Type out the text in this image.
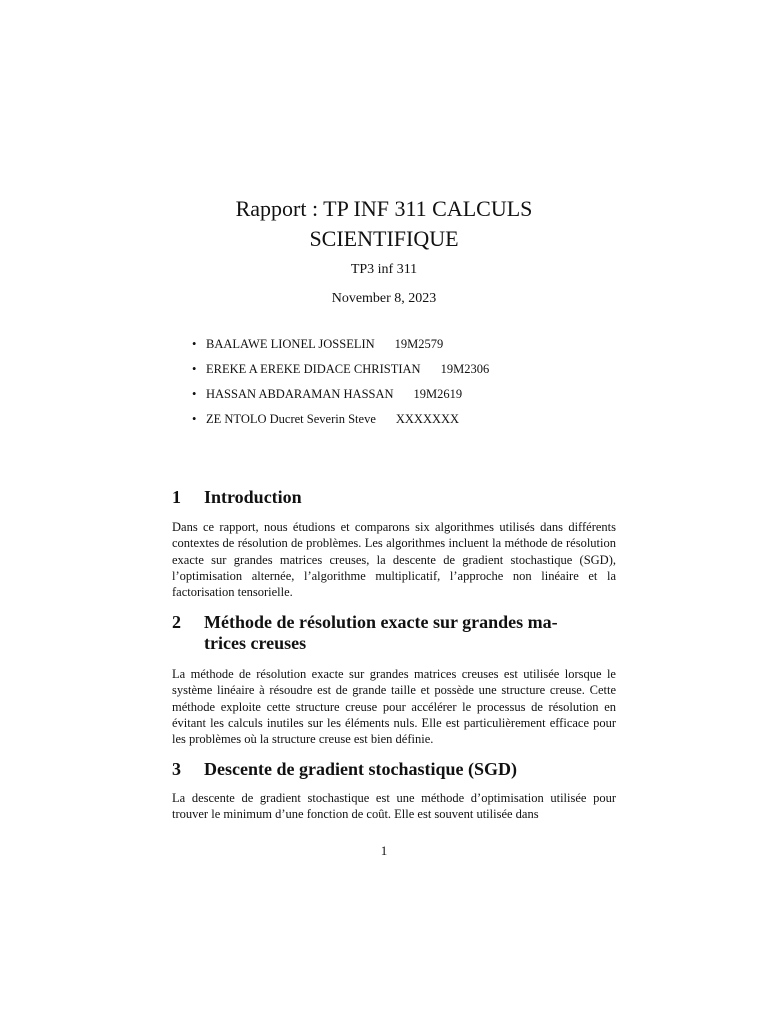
Rapport : TP INF 311 CALCULS
SCIENTIFIQUE
TP3 inf 311
November 8, 2023
• BAALAWE LIONEL JOSSELIN 19M2579
• EREKE A EREKE DIDACE CHRISTIAN 19M2306
• HASSAN ABDARAMAN HASSAN 19M2619
• ZE NTOLO Ducret Severin Steve XXXXXXX
1 Introduction

Dans ce rapport, nous étudions et comparons six algorithmes utilisés dans différents contextes de résolution de problèmes. Les algorithmes incluent la méthode de résolution exacte sur grandes matrices creuses, la descente de gradient stochastique (SGD), l’optimisation alternée, l’algorithme multiplicatif, l’approche non linéaire et la factorisation tensorielle.

2 Méthode de résolution exacte sur grandes ma-
trices creuses

La méthode de résolution exacte sur grandes matrices creuses est utilisée lorsque le système linéaire à résoudre est de grande taille et possède une structure creuse. Cette méthode exploite cette structure creuse pour accélérer le processus de résolution en évitant les calculs inutiles sur les éléments nuls. Elle est particulièrement efficace pour les problèmes où la structure creuse est bien définie.

3 Descente de gradient stochastique (SGD)

La descente de gradient stochastique est une méthode d’optimisation utilisée pour trouver le minimum d’une fonction de coût. Elle est souvent utilisée dans

1
